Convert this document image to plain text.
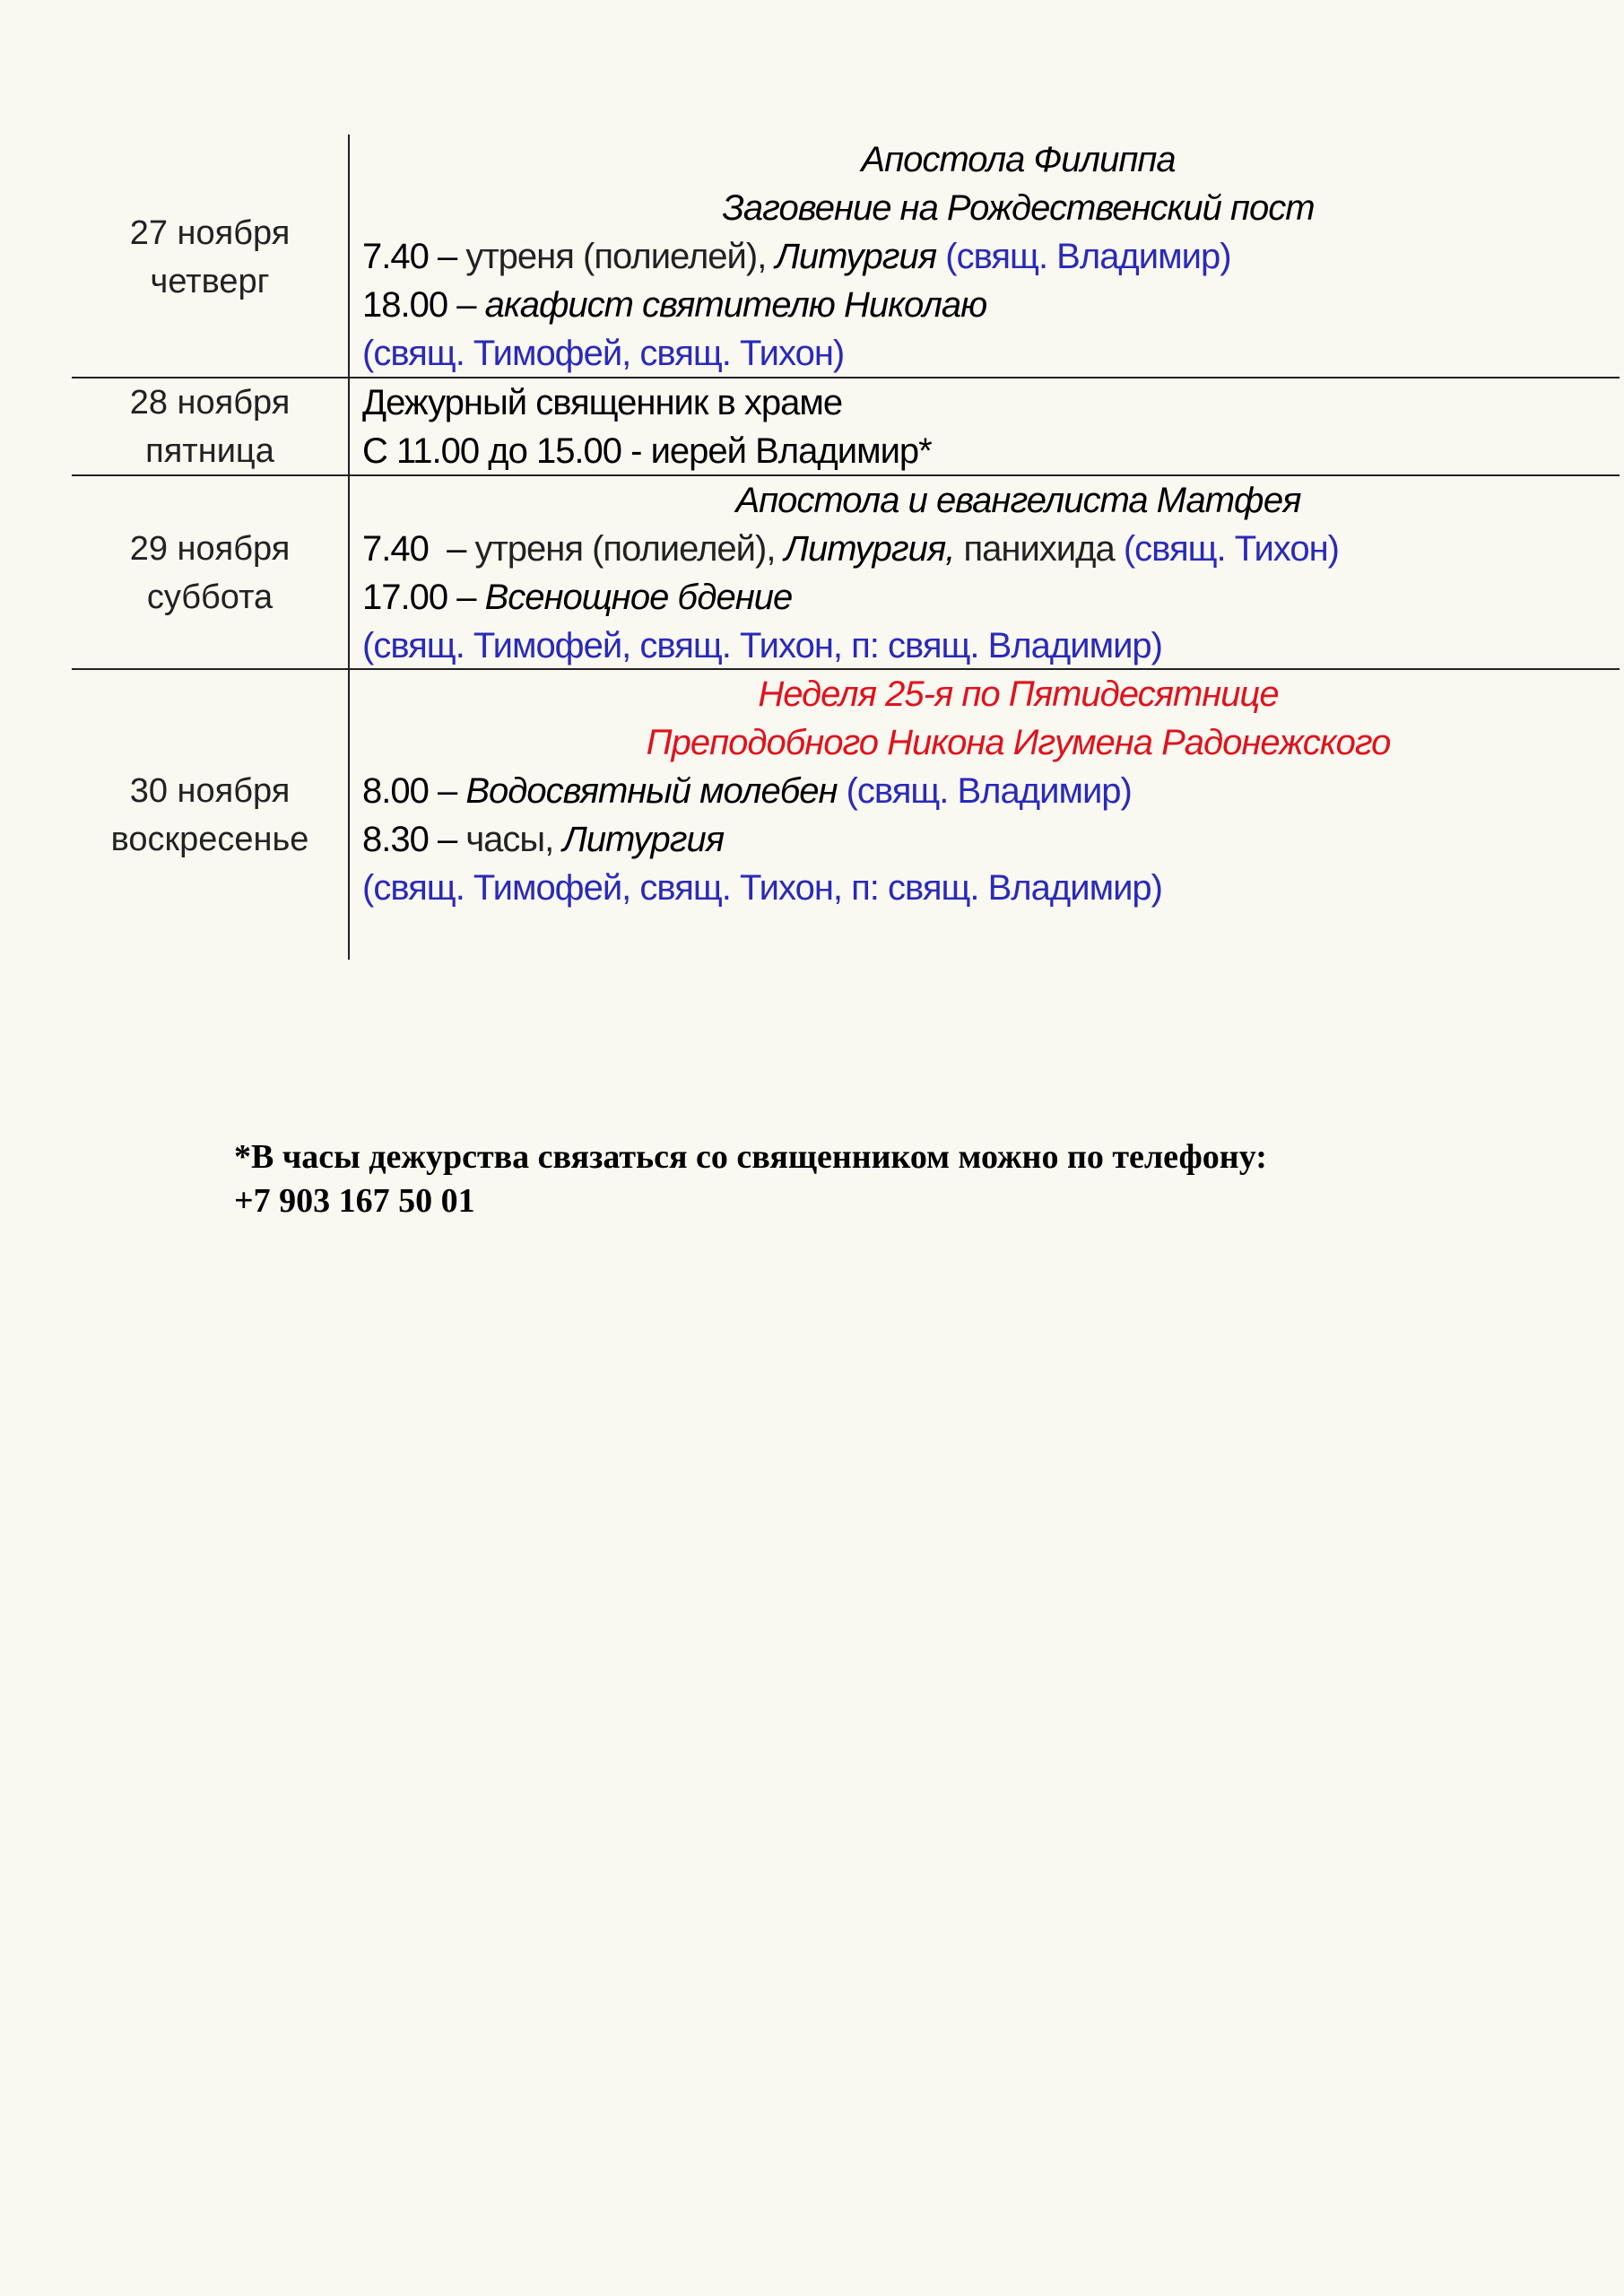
27 ноября
четверг
Апостола Филиппа
Заговение на Рождественский пост
7.40 – утреня (полиелей), Литургия (свящ. Владимир)
18.00 – акафист святителю Николаю
(свящ. Тимофей, свящ. Тихон)
28 ноября
пятница
Дежурный священник в храме
С 11.00 до 15.00 - иерей Владимир*
29 ноября
суббота
Апостола и евангелиста Матфея
7.40  – утреня (полиелей), Литургия, панихида (свящ. Тихон)
17.00 – Всенощное бдение
(свящ. Тимофей, свящ. Тихон, п: свящ. Владимир)
30 ноября
воскресенье
Неделя 25-я по Пятидесятнице
Преподобного Никона Игумена Радонежского
8.00 – Водосвятный молебен (свящ. Владимир)
8.30 – часы, Литургия
(свящ. Тимофей, свящ. Тихон, п: свящ. Владимир)
*В часы дежурства связаться со священником можно по телефону:
+7 903 167 50 01
